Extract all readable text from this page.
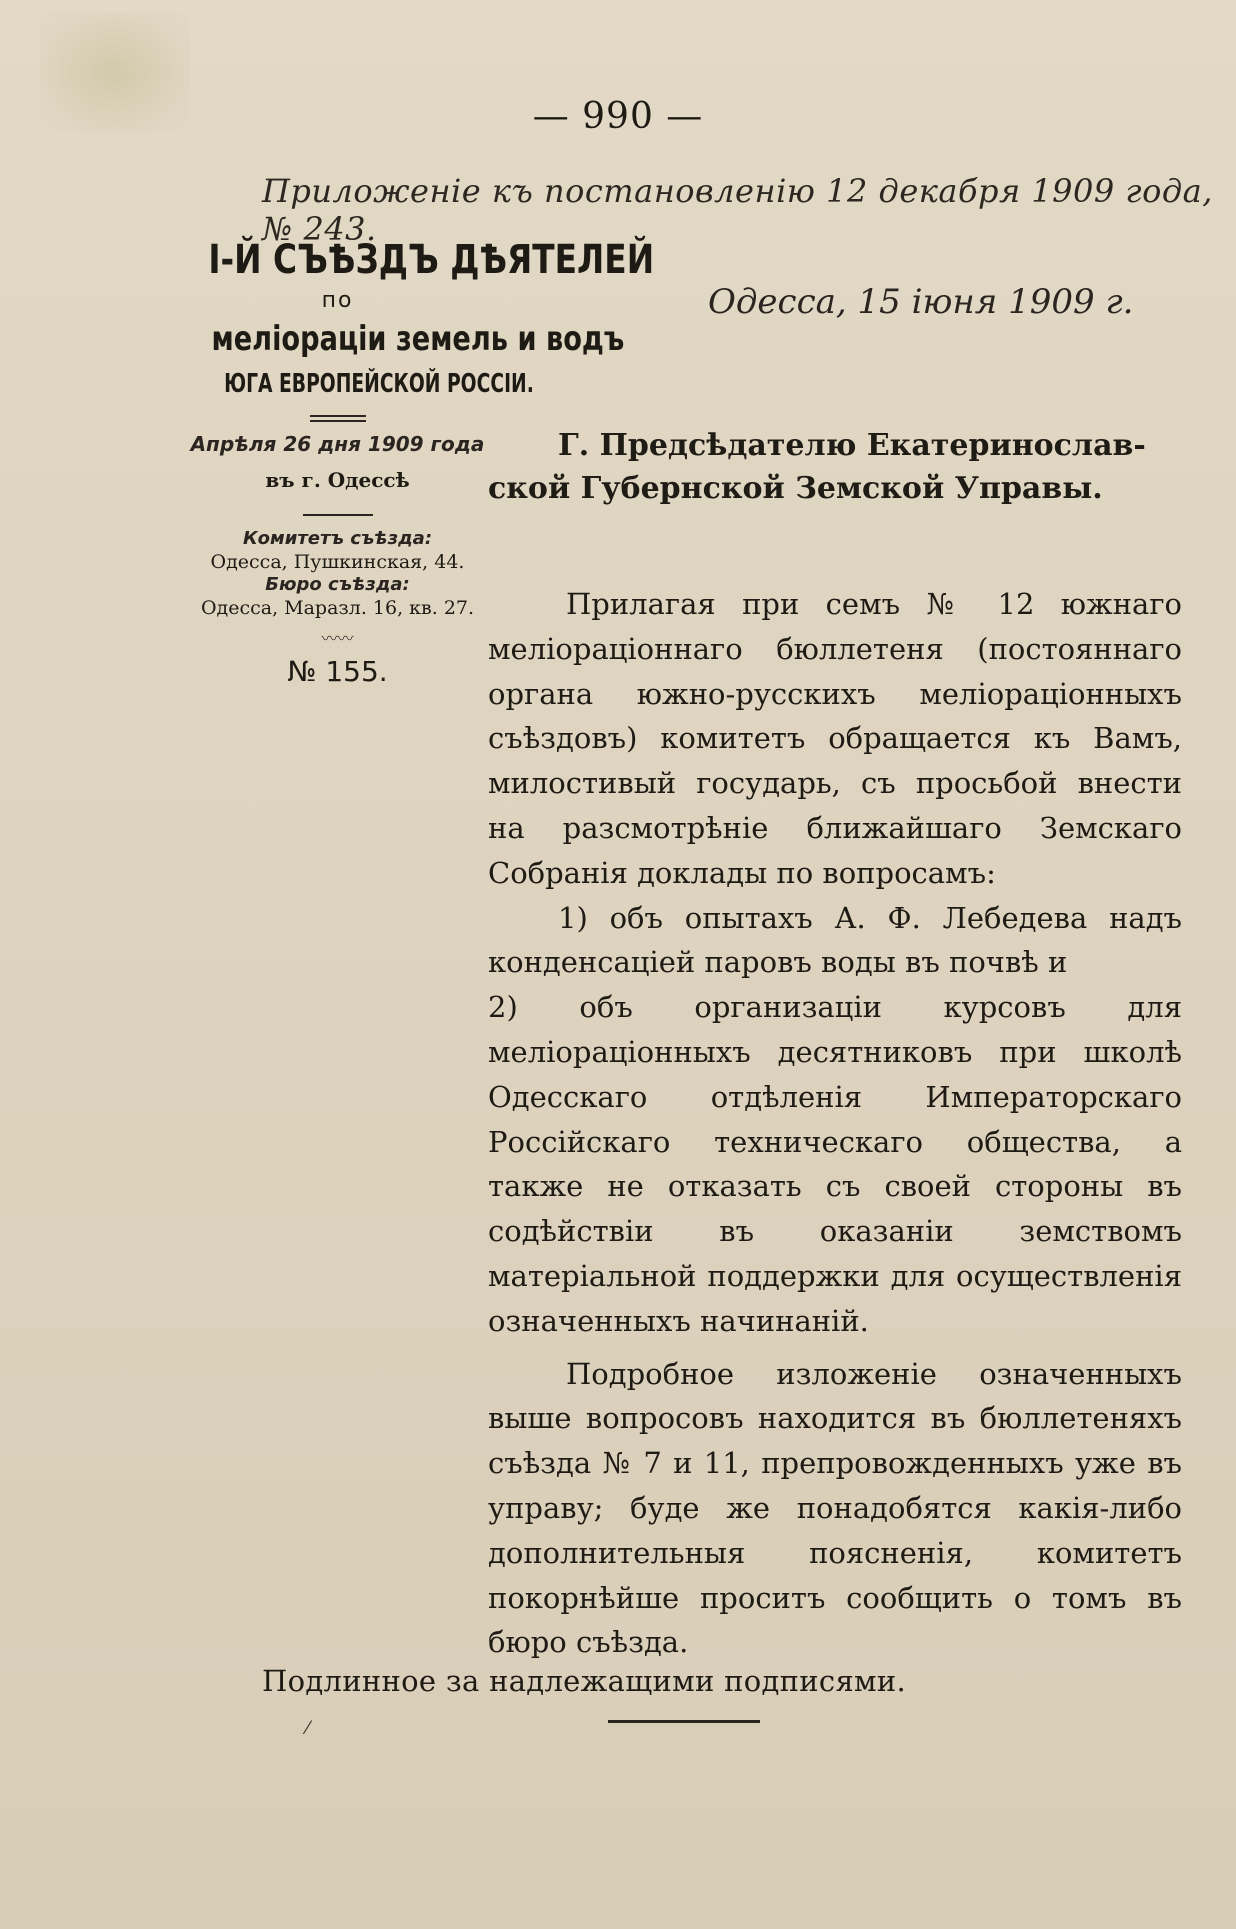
— 990 —
Приложеніе къ постановленію 12 декабря 1909 года, № 243.
І-Й СЪѢЗДЪ ДѢЯТЕЛЕЙ
по
меліораціи земель и водъ
ЮГА ЕВРОПЕЙСКОЙ РОССІИ.
Апрѣля 26 дня 1909 года
въ г. Одессѣ
Комитетъ съѣзда:
Одесса, Пушкинская, 44.
Бюро съѣзда:
Одесса, Маразл. 16, кв. 27.
〰〰
№ 155.
Одесса, 15 іюня 1909 г.
Г. Предсѣдателю Екатеринослав-
ской Губернской Земской Управы.

Прилагая при семъ № 12 южнаго меліораціоннаго бюллетеня (постояннаго органа южно-русскихъ меліораціонныхъ съѣздовъ) комитетъ обращается къ Вамъ, милостивый государь, съ просьбой внести на разсмотрѣніе ближайшаго Земскаго Собранія доклады по вопросамъ:

1) объ опытахъ А. Ф. Лебедева надъ конденсаціей паровъ воды въ почвѣ и

2) объ организаціи курсовъ для меліораціонныхъ десятниковъ при школѣ Одесскаго отдѣленія Императорскаго Россійскаго техническаго общества, а также не отказать съ своей стороны въ содѣйствіи въ оказаніи земствомъ матеріальной поддержки для осуществленія означенныхъ начинаній.

Подробное изложеніе означенныхъ выше вопросовъ находится въ бюллетеняхъ съѣзда № 7 и 11, препровожденныхъ уже въ управу; буде же понадобятся какія-либо дополнительныя поясненія, комитетъ покорнѣйше проситъ сообщить о томъ въ бюро съѣзда.

Подлинное за надлежащими подписями.
⁄
